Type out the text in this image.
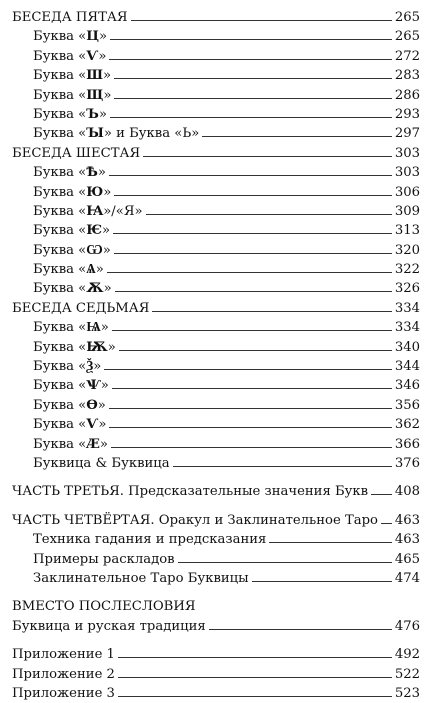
БЕСЕДА ПЯТАЯ	265
Буква «Ц»	265
Буква «Ѵ»	272
Буква «Ш»	283
Буква «Щ»	286
Буква «Ъ»	293
Буква «Ꙑ» и Буква «Ь»	297
БЕСЕДА ШЕСТАЯ	303
Буква «Ѣ»	303
Буква «Ю»	306
Буква «Ꙗ»/«Я»	309
Буква «Ѥ»	313
Буква «Ѡ»	320
Буква «Ѧ»	322
Буква «Ѫ»	326
БЕСЕДА СЕДЬМАЯ	334
Буква «Ѩ»	334
Буква «Ѭ»	340
Буква «Ѯ»	344
Буква «Ѱ»	346
Буква «Ѳ»	356
Буква «Ѵ»	362
Буква «Ӕ»	366
Буквица & Буквица	376
ЧАСТЬ ТРЕТЬЯ. Предсказательные значения Букв 408
ЧАСТЬ ЧЕТВЁРТАЯ. Оракул и Заклинательное Таро 463
Техника гадания и предсказания	463
Примеры раскладов	465
Заклинательное Таро Буквицы	474
ВМЕСТО ПОСЛЕСЛОВИЯ
Буквица и руская традиция	476
Приложение 1	492
Приложение 2	522
Приложение 3	523
